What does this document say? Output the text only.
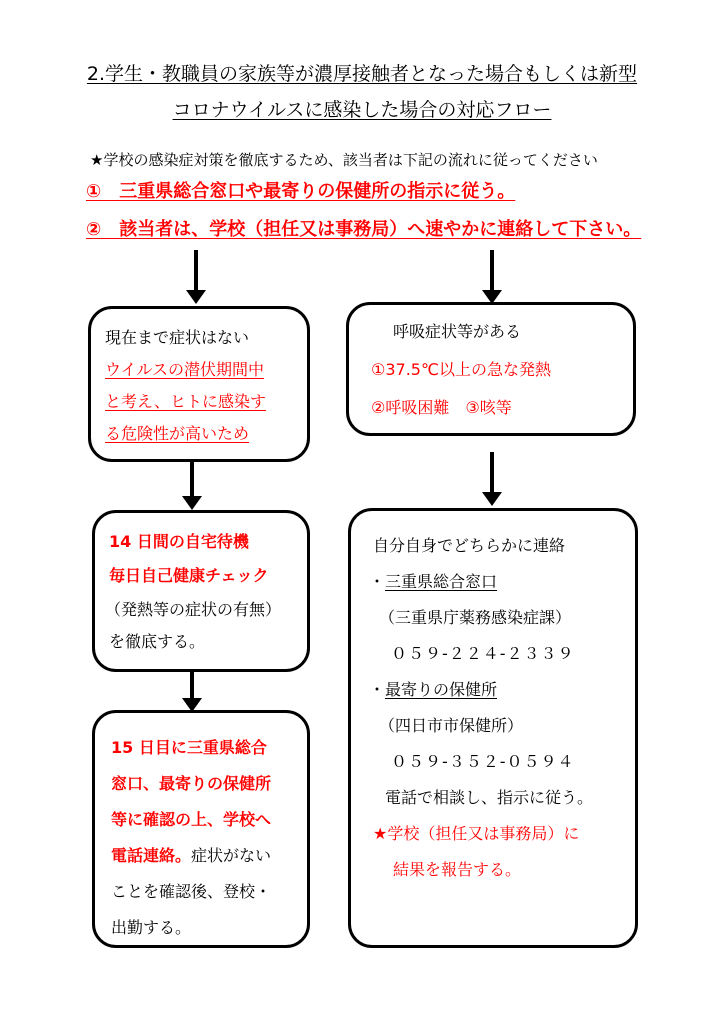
2.学生・教職員の家族等が濃厚接触者となった場合もしくは新型
コロナウイルスに感染した場合の対応フロー
★学校の感染症対策を徹底するため、該当者は下記の流れに従ってください
①　三重県総合窓口や最寄りの保健所の指示に従う。
②　該当者は、学校（担任又は事務局）へ速やかに連絡して下さい。
現在まで症状はない
ウイルスの潜伏期間中
と考え、ヒトに感染す
る危険性が高いため
14 日間の自宅待機
毎日自己健康チェック
（発熱等の症状の有無）
を徹底する。
15 日目に三重県総合
窓口、最寄りの保健所
等に確認の上、学校へ
電話連絡。症状がない
ことを確認後、登校・
出勤する。
呼吸症状等がある
①37.5℃以上の急な発熱
②呼吸困難　③咳等
自分自身でどちらかに連絡
・三重県総合窓口
（三重県庁薬務感染症課）
０５９-２２４-２３３９
・最寄りの保健所
（四日市市保健所）
０５９-３５２-０５９４
電話で相談し、指示に従う。
★学校（担任又は事務局）に
結果を報告する。
